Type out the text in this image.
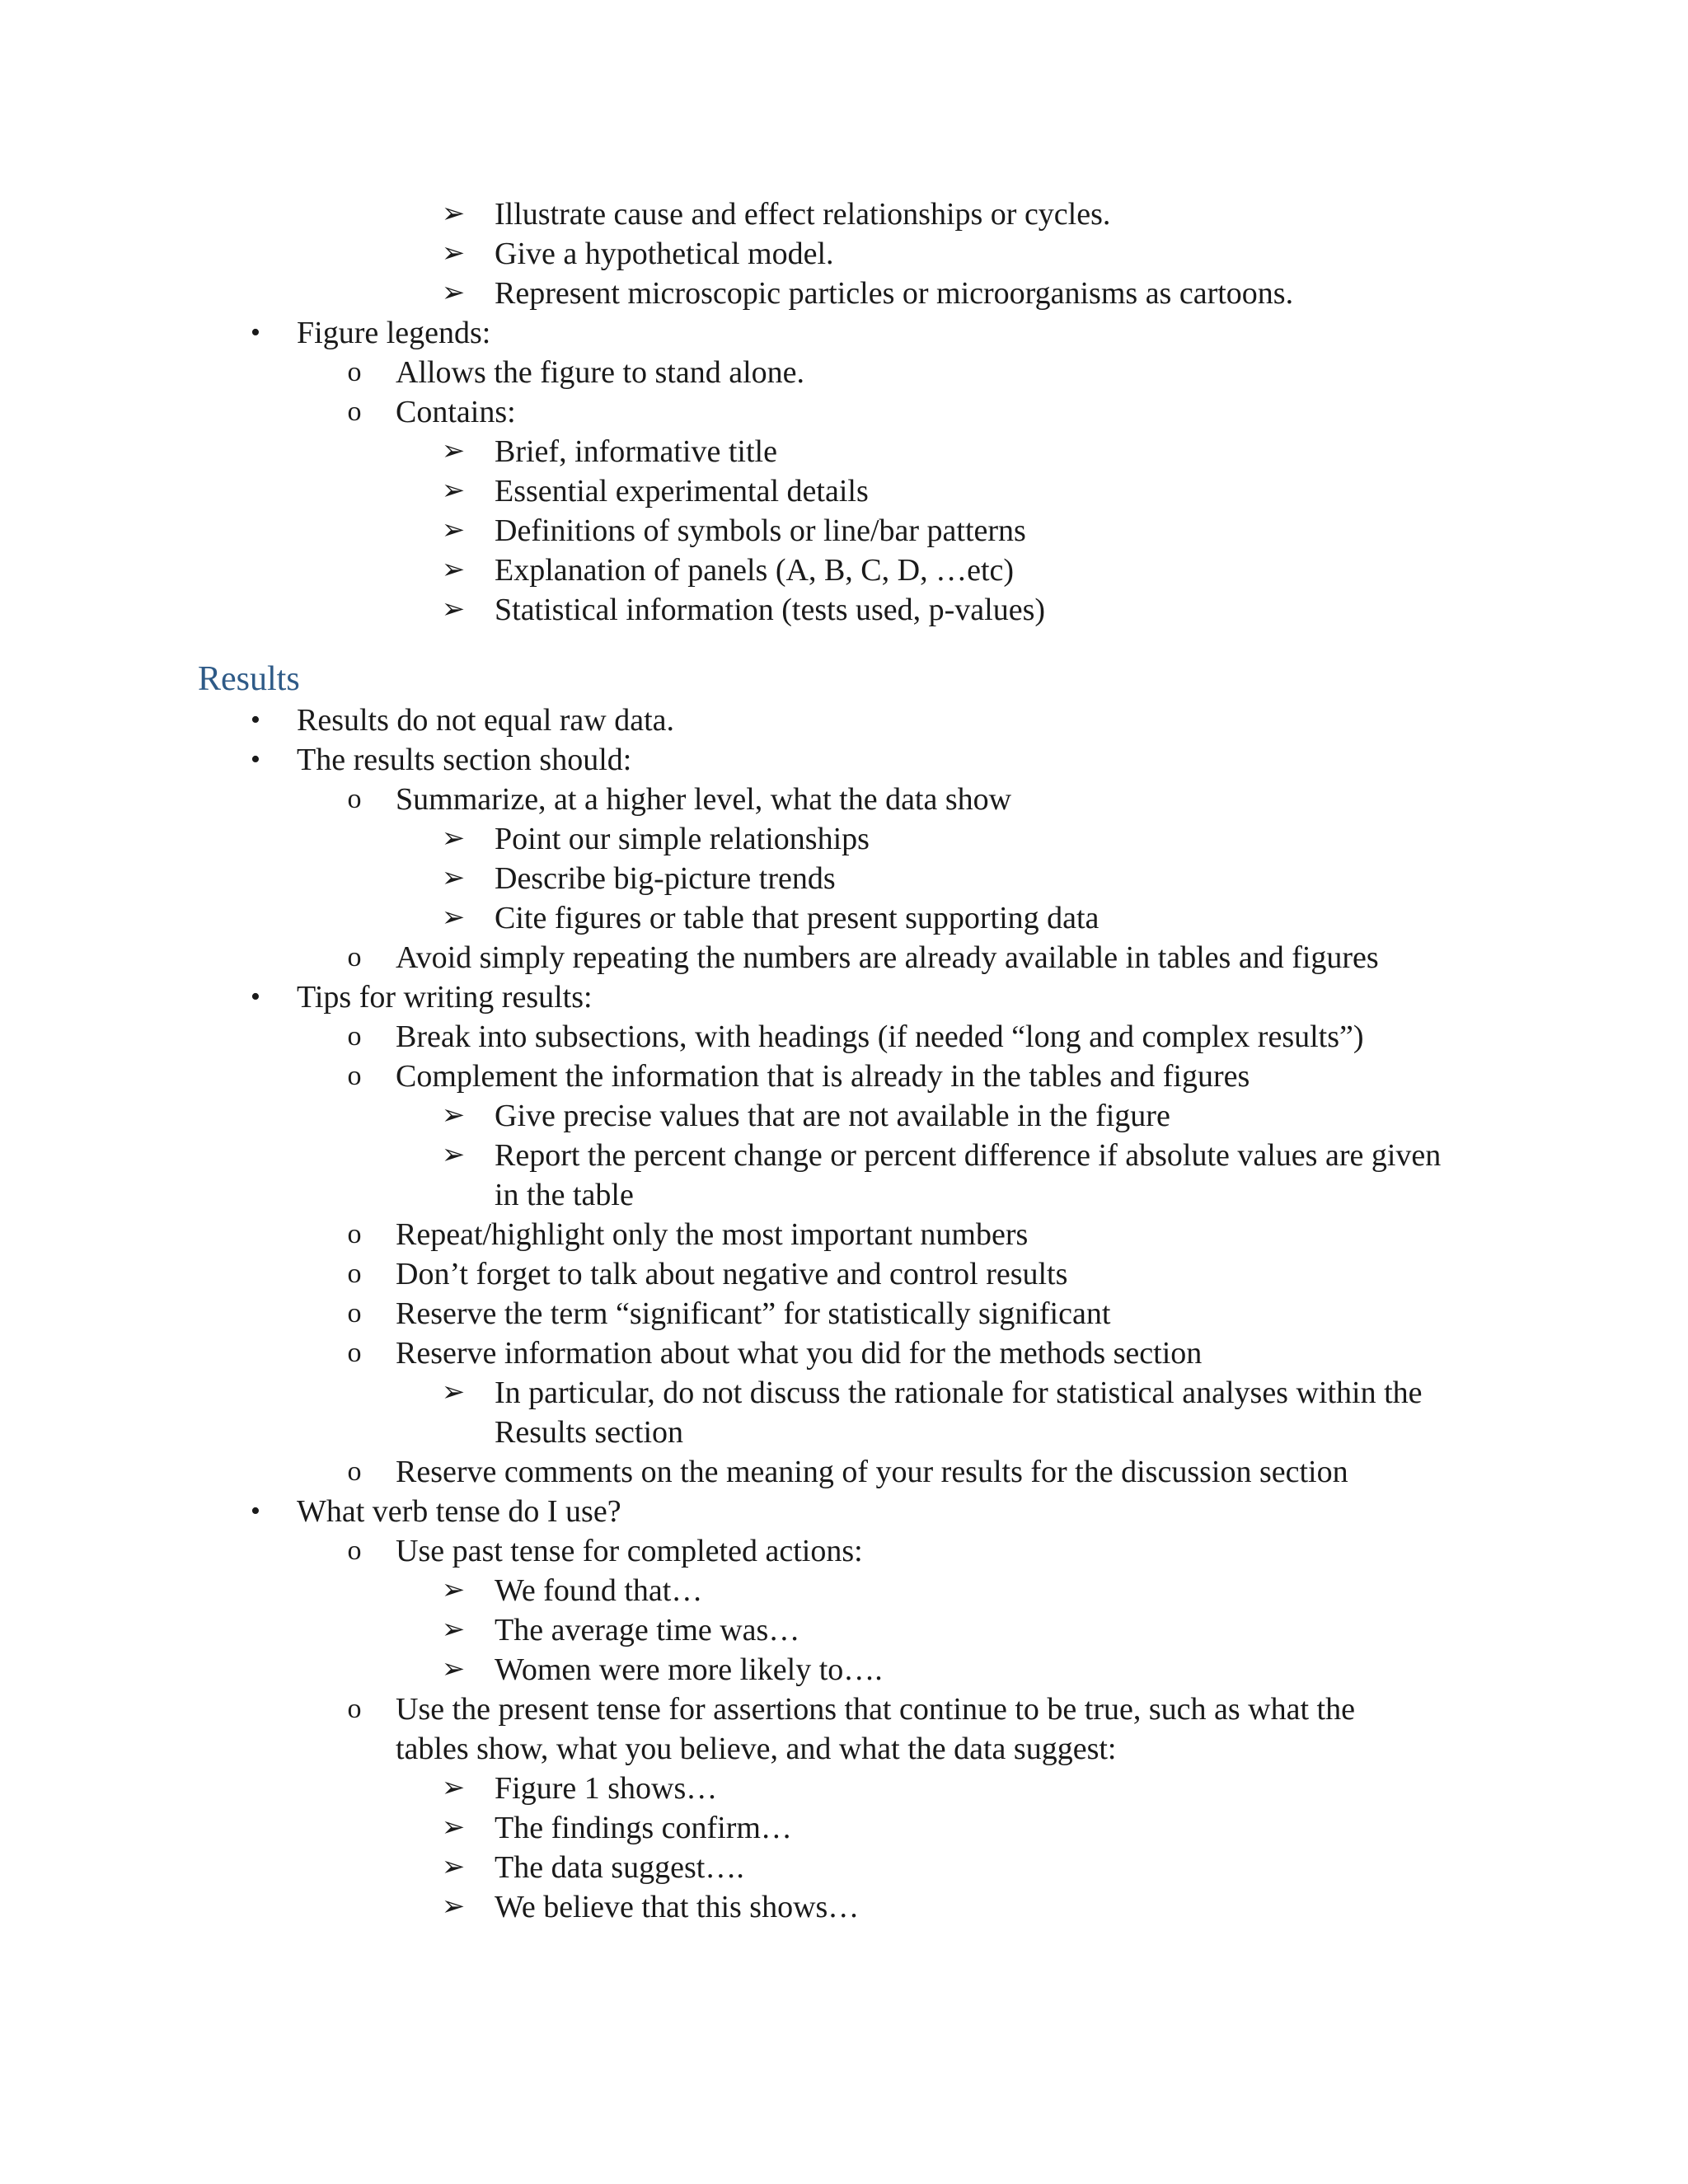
➢ Illustrate cause and effect relationships or cycles.
➢ Give a hypothetical model.
➢ Represent microscopic particles or microorganisms as cartoons.
•	Figure legends:
o	Allows the figure to stand alone.
o	Contains:
➢ Brief, informative title
➢ Essential experimental details
➢ Definitions of symbols or line/bar patterns
➢ Explanation of panels (A, B, C, D, …etc)
➢ Statistical information (tests used, p-values)
Results
•	Results do not equal raw data.
•	The results section should:
o	Summarize, at a higher level, what the data show
➢ Point our simple relationships
➢ Describe big-picture trends
➢ Cite figures or table that present supporting data
o	Avoid simply repeating the numbers are already available in tables and figures
•	Tips for writing results:
o	Break into subsections, with headings (if needed “long and complex results”)
o	Complement the information that is already in the tables and figures
➢ Give precise values that are not available in the figure
➢ Report the percent change or percent difference if absolute values are given
in the table
o	Repeat/highlight only the most important numbers
o	Don’t forget to talk about negative and control results
o	Reserve the term “significant” for statistically significant
o	Reserve information about what you did for the methods section
➢ In particular, do not discuss the rationale for statistical analyses within the
Results section
o	Reserve comments on the meaning of your results for the discussion section
•	What verb tense do I use?
o	Use past tense for completed actions:
➢ We found that…
➢ The average time was…
➢ Women were more likely to….
o	Use the present tense for assertions that continue to be true, such as what the
tables show, what you believe, and what the data suggest:
➢ Figure 1 shows…
➢ The findings confirm…
➢ The data suggest….
➢ We believe that this shows…
